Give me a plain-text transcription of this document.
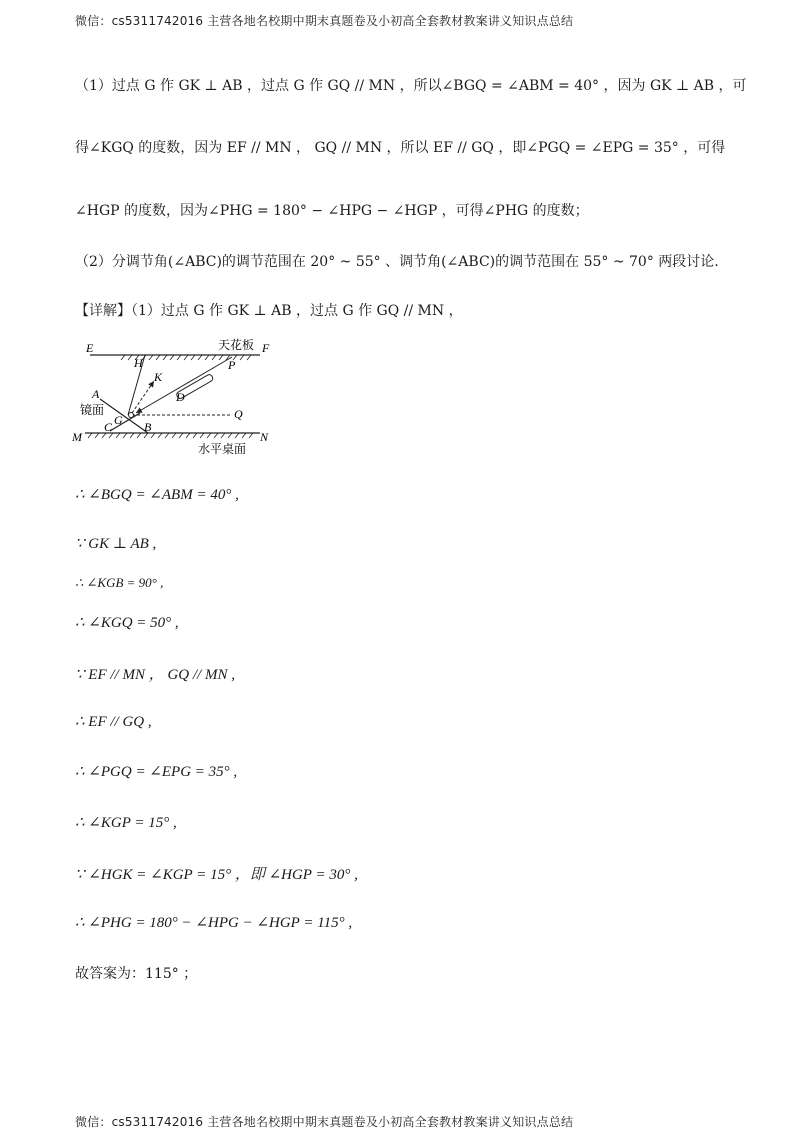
微信：cs5311742016 主营各地名校期中期末真题卷及小初高全套教材教案讲义知识点总结
（1）过点 G 作 GK ⊥ AB ，过点 G 作 GQ // MN ，所以∠BGQ = ∠ABM = 40° ，因为 GK ⊥ AB ，可
得∠KGQ 的度数，因为 EF // MN ， GQ // MN ，所以 EF // GQ ，即∠PGQ = ∠EPG = 35° ，可得
∠HGP 的度数，因为∠PHG = 180° − ∠HPG − ∠HGP ，可得∠PHG 的度数；
（2）分调节角(∠ABC)的调节范围在 20° ~ 55° 、调节角(∠ABC)的调节范围在 55° ~ 70° 两段讨论.
【详解】（1）过点 G 作 GK ⊥ AB ，过点 G 作 GQ // MN ，
E	F
天花板
H	P
K
D
A
镜面
C G B
Q
M	N
水平桌面
∴ ∠BGQ = ∠ABM = 40° ,
∵ GK ⊥ AB ,
∴ ∠KGB = 90° ,
∴ ∠KGQ = 50° ,
∵ EF // MN ， GQ // MN ,
∴ EF // GQ ,
∴ ∠PGQ = ∠EPG = 35° ,
∴ ∠KGP = 15° ,
∵ ∠HGK = ∠KGP = 15° ，即 ∠HGP = 30° ,
∴ ∠PHG = 180° − ∠HPG − ∠HGP = 115° ,
故答案为：115° ；
微信：cs5311742016 主营各地名校期中期末真题卷及小初高全套教材教案讲义知识点总结
